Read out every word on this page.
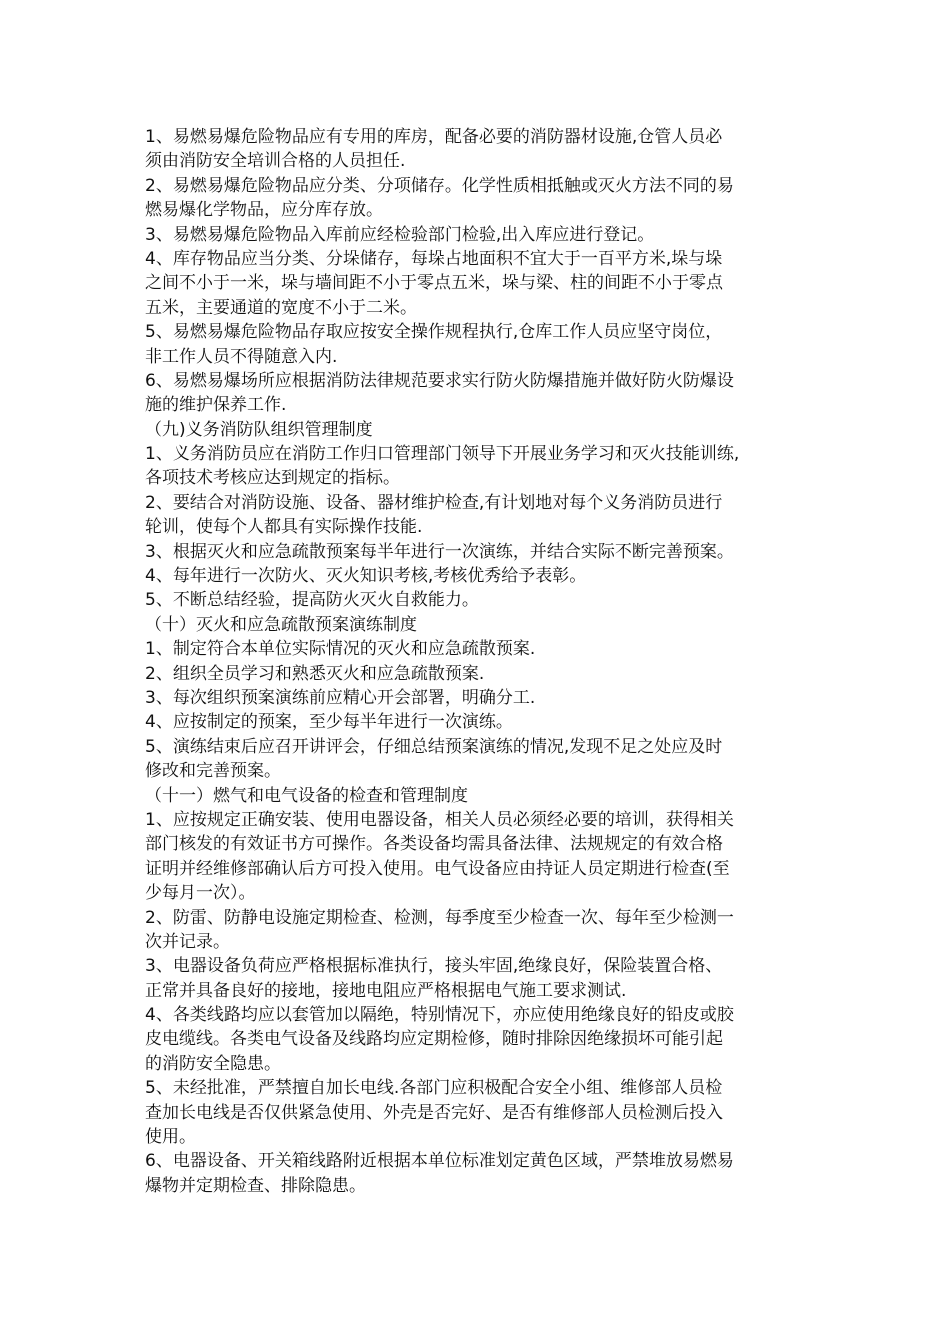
1、易燃易爆危险物品应有专用的库房，配备必要的消防器材设施,仓管人员必
须由消防安全培训合格的人员担任.
2、易燃易爆危险物品应分类、分项储存。化学性质相抵触或灭火方法不同的易
燃易爆化学物品，应分库存放。
3、易燃易爆危险物品入库前应经检验部门检验,出入库应进行登记。
4、库存物品应当分类、分垛储存，每垛占地面积不宜大于一百平方米,垛与垛
之间不小于一米，垛与墙间距不小于零点五米，垛与梁、柱的间距不小于零点
五米，主要通道的宽度不小于二米。
5、易燃易爆危险物品存取应按安全操作规程执行,仓库工作人员应坚守岗位，
非工作人员不得随意入内.
6、易燃易爆场所应根据消防法律规范要求实行防火防爆措施并做好防火防爆设
施的维护保养工作.
（九)义务消防队组织管理制度
1、义务消防员应在消防工作归口管理部门领导下开展业务学习和灭火技能训练,
各项技术考核应达到规定的指标。
2、要结合对消防设施、设备、器材维护检查,有计划地对每个义务消防员进行
轮训，使每个人都具有实际操作技能.
3、根据灭火和应急疏散预案每半年进行一次演练，并结合实际不断完善预案。
4、每年进行一次防火、灭火知识考核,考核优秀给予表彰。
5、不断总结经验，提高防火灭火自救能力。
（十）灭火和应急疏散预案演练制度
1、制定符合本单位实际情况的灭火和应急疏散预案.
2、组织全员学习和熟悉灭火和应急疏散预案.
3、每次组织预案演练前应精心开会部署，明确分工.
4、应按制定的预案，至少每半年进行一次演练。
5、演练结束后应召开讲评会，仔细总结预案演练的情况,发现不足之处应及时
修改和完善预案。
（十一）燃气和电气设备的检查和管理制度
1、应按规定正确安装、使用电器设备，相关人员必须经必要的培训，获得相关
部门核发的有效证书方可操作。各类设备均需具备法律、法规规定的有效合格
证明并经维修部确认后方可投入使用。电气设备应由持证人员定期进行检查(至
少每月一次）。
2、防雷、防静电设施定期检查、检测，每季度至少检查一次、每年至少检测一
次并记录。
3、电器设备负荷应严格根据标准执行，接头牢固,绝缘良好，保险装置合格、
正常并具备良好的接地，接地电阻应严格根据电气施工要求测试.
4、各类线路均应以套管加以隔绝，特别情况下，亦应使用绝缘良好的铅皮或胶
皮电缆线。各类电气设备及线路均应定期检修，随时排除因绝缘损坏可能引起
的消防安全隐患。
5、未经批准，严禁擅自加长电线.各部门应积极配合安全小组、维修部人员检
查加长电线是否仅供紧急使用、外壳是否完好、是否有维修部人员检测后投入
使用。
6、电器设备、开关箱线路附近根据本单位标准划定黄色区域，严禁堆放易燃易
爆物并定期检查、排除隐患。
